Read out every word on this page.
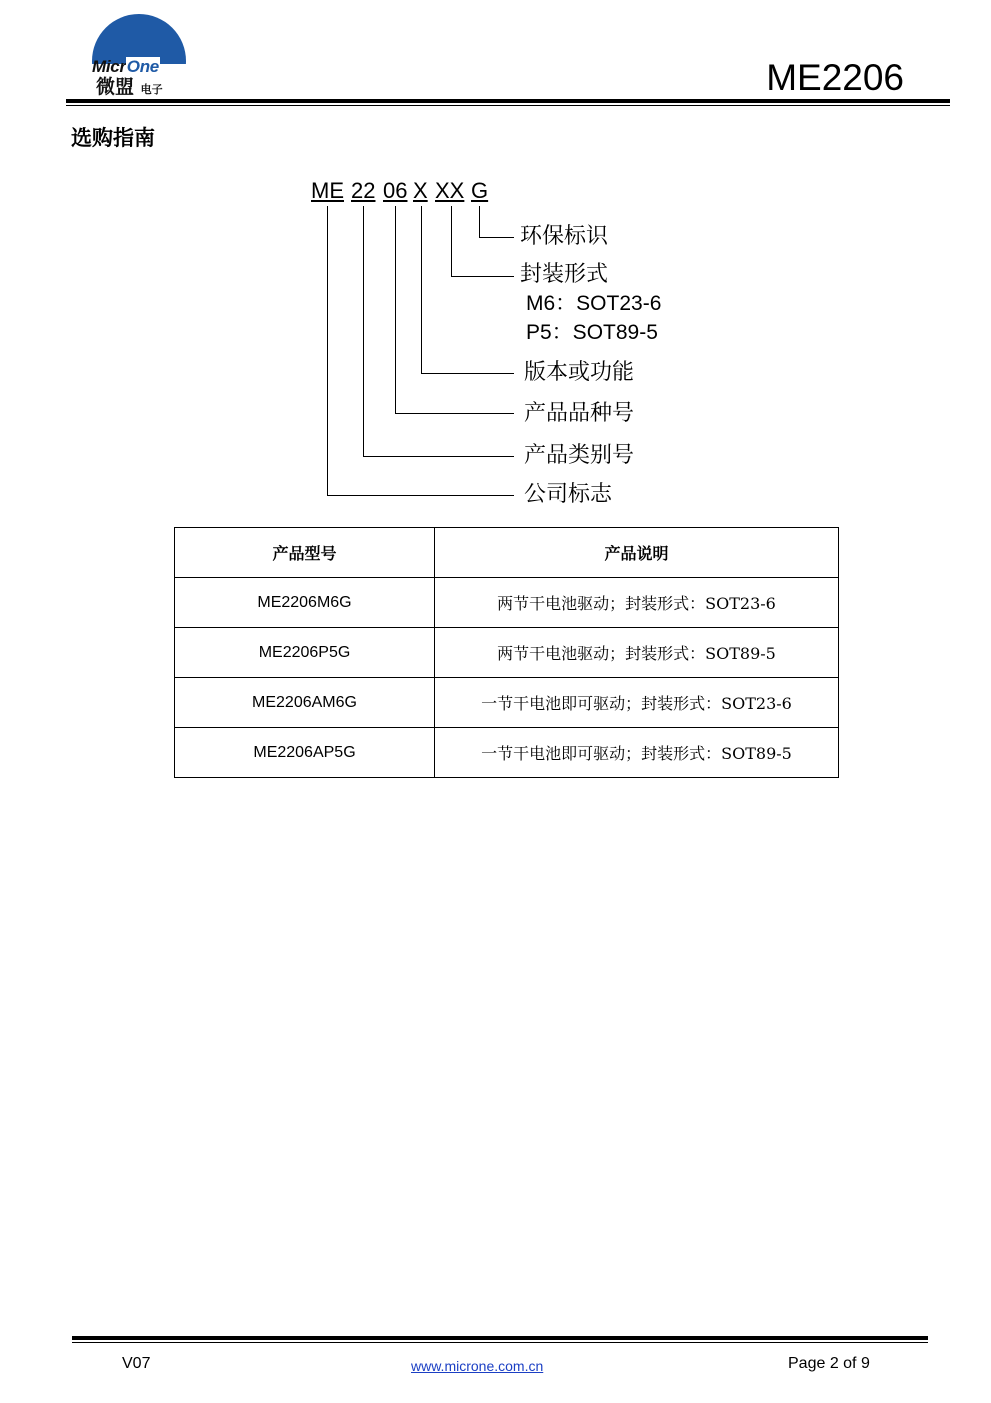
MicrOne
微盟 电子	ME2206
选购指南
ME 22 06 X XX G
环保标识
封装形式
M6：SOT23-6
P5：SOT89-5
版本或功能
产品品种号
产品类别号
公司标志
产品型号	产品说明
ME2206M6G	两节干电池驱动；封装形式：SOT23-6
ME2206P5G	两节干电池驱动；封装形式：SOT89-5
ME2206AM6G	一节干电池即可驱动；封装形式：SOT23-6
ME2206AP5G	一节干电池即可驱动；封装形式：SOT89-5
V07	www.microne.com.cn	Page 2 of 9
